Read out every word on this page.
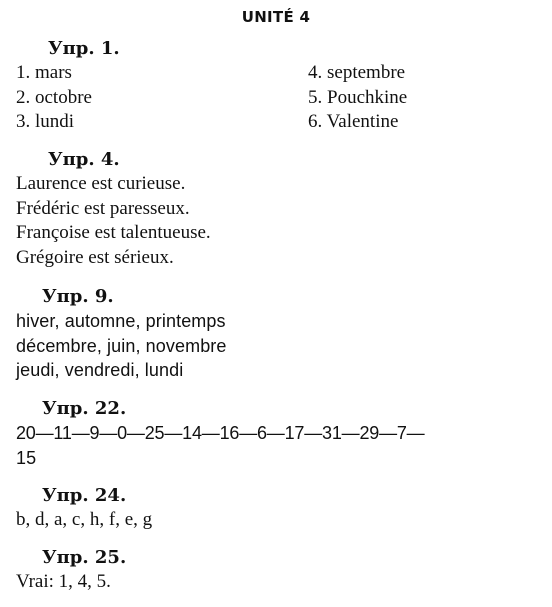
UNITÉ 4
Упр. 1.
1. mars
2. octobre
3. lundi
4. septembre
5. Pouchkine
6. Valentine
Упр. 4.
Laurence est curieuse.
Frédéric est paresseux.
Françoise est talentueuse.
Grégoire est sérieux.
Упр. 9.
hiver, automne, printemps
décembre, juin, novembre
jeudi, vendredi, lundi
Упр. 22.
20—11—9—0—25—14—16—6—17—31—29—7—
15
Упр. 24.
b, d, a, c, h, f, e, g
Упр. 25.
Vrai: 1, 4, 5.
